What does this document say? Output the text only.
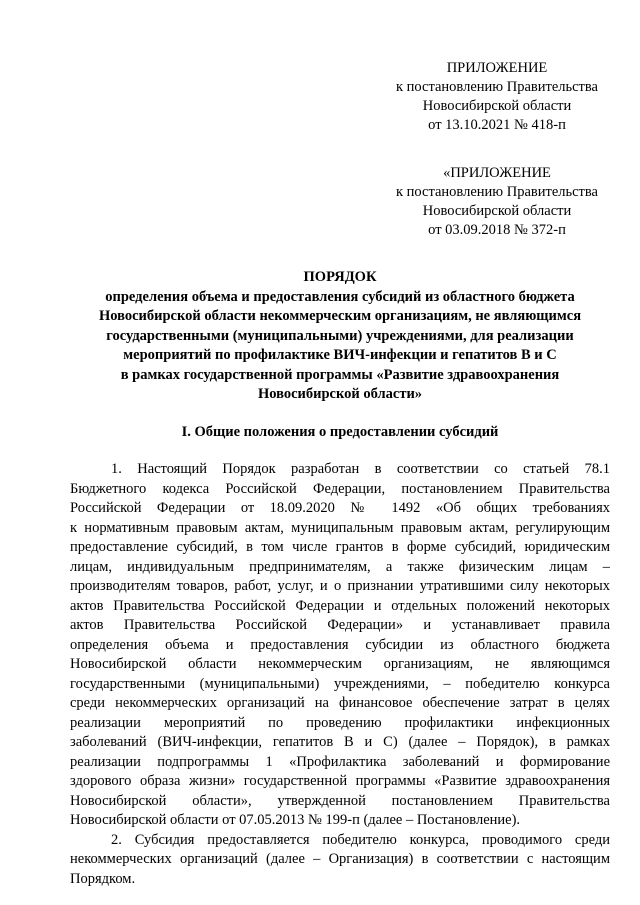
ПРИЛОЖЕНИЕ
к постановлению Правительства
Новосибирской области
от 13.10.2021 № 418-п
«ПРИЛОЖЕНИЕ
к постановлению Правительства
Новосибирской области
от 03.09.2018 № 372-п
ПОРЯДОК
определения объема и предоставления субсидий из областного бюджета
Новосибирской области некоммерческим организациям, не являющимся
государственными (муниципальными) учреждениями, для реализации
мероприятий по профилактике ВИЧ-инфекции и гепатитов В и С
в рамках государственной программы «Развитие здравоохранения
Новосибирской области»
I. Общие положения о предоставлении субсидий
1. Настоящий Порядок разработан в соответствии со статьей 78.1
Бюджетного кодекса Российской Федерации, постановлением Правительства
Российской Федерации от 18.09.2020 № 1492 «Об общих требованиях
к нормативным правовым актам, муниципальным правовым актам, регулирующим
предоставление субсидий, в том числе грантов в форме субсидий, юридическим
лицам, индивидуальным предпринимателям, а также физическим лицам –
производителям товаров, работ, услуг, и о признании утратившими силу некоторых
актов Правительства Российской Федерации и отдельных положений некоторых
актов Правительства Российской Федерации» и устанавливает правила
определения объема и предоставления субсидии из областного бюджета
Новосибирской области некоммерческим организациям, не являющимся
государственными (муниципальными) учреждениями, – победителю конкурса
среди некоммерческих организаций на финансовое обеспечение затрат в целях
реализации мероприятий по проведению профилактики инфекционных
заболеваний (ВИЧ-инфекции, гепатитов В и С) (далее – Порядок), в рамках
реализации подпрограммы 1 «Профилактика заболеваний и формирование
здорового образа жизни» государственной программы «Развитие здравоохранения
Новосибирской области», утвержденной постановлением Правительства
Новосибирской области от 07.05.2013 № 199-п (далее – Постановление).
2. Субсидия предоставляется победителю конкурса, проводимого среди
некоммерческих организаций (далее – Организация) в соответствии с настоящим
Порядком.
